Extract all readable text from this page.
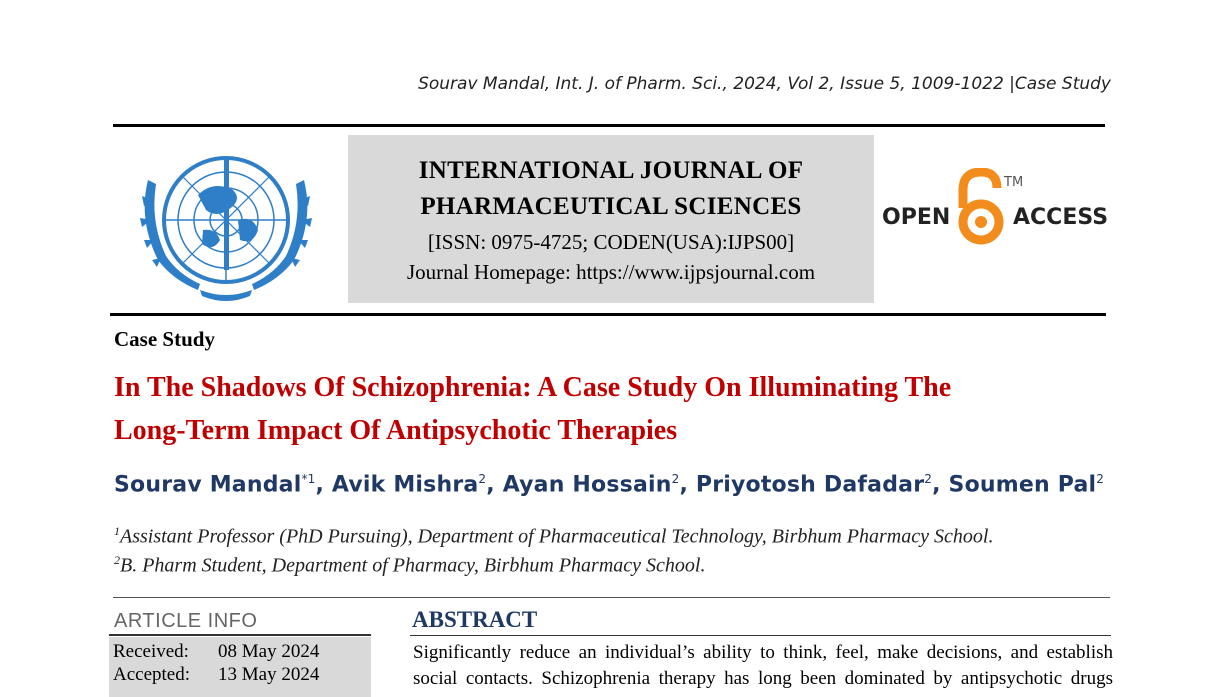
Sourav Mandal, Int. J. of Pharm. Sci., 2024, Vol 2, Issue 5, 1009-1022 |Case Study
INTERNATIONAL JOURNAL OF
PHARMACEUTICAL SCIENCES
[ISSN: 0975-4725; CODEN(USA):IJPS00]
Journal Homepage: https://www.ijpsjournal.com
OPEN
TM
ACCESS
Case Study
In The Shadows Of Schizophrenia: A Case Study On Illuminating The
Long-Term Impact Of Antipsychotic Therapies
Sourav Mandal$^{*1}$, Avik Mishra$^2$, Ayan Hossain$^2$, Priyotosh Dafadar$^2$, Soumen Pal$^2$
$^1$Assistant Professor (PhD Pursuing), Department of Pharmaceutical Technology, Birbhum Pharmacy School.
$^2$B. Pharm Student, Department of Pharmacy, Birbhum Pharmacy School.
ARTICLE INFO
Received: 08 May 2024
Accepted: 13 May 2024
ABSTRACT
Significantly reduce an individual’s ability to think, feel, make decisions, and establish
social contacts. Schizophrenia therapy has long been dominated by antipsychotic drugs
